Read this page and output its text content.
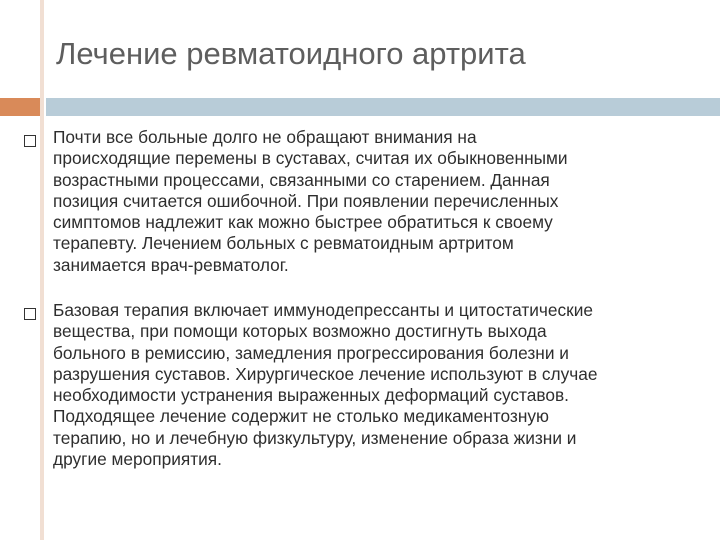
Лечение ревматоидного артрита

Почти все больные долго не обращают внимания на
происходящие перемены в суставах, считая их обыкновенными
возрастными процессами, связанными со старением. Данная
позиция считается ошибочной. При появлении перечисленных
симптомов надлежит как можно быстрее обратиться к своему
терапевту. Лечением больных с ревматоидным артритом
занимается врач-ревматолог.

Базовая терапия включает иммунодепрессанты и цитостатические
вещества, при помощи которых возможно достигнуть выхода
больного в ремиссию, замедления прогрессирования болезни и
разрушения суставов. Хирургическое лечение используют в случае
необходимости устранения выраженных деформаций суставов.
Подходящее лечение содержит не столько медикаментозную
терапию, но и лечебную физкультуру, изменение образа жизни и
другие мероприятия.
